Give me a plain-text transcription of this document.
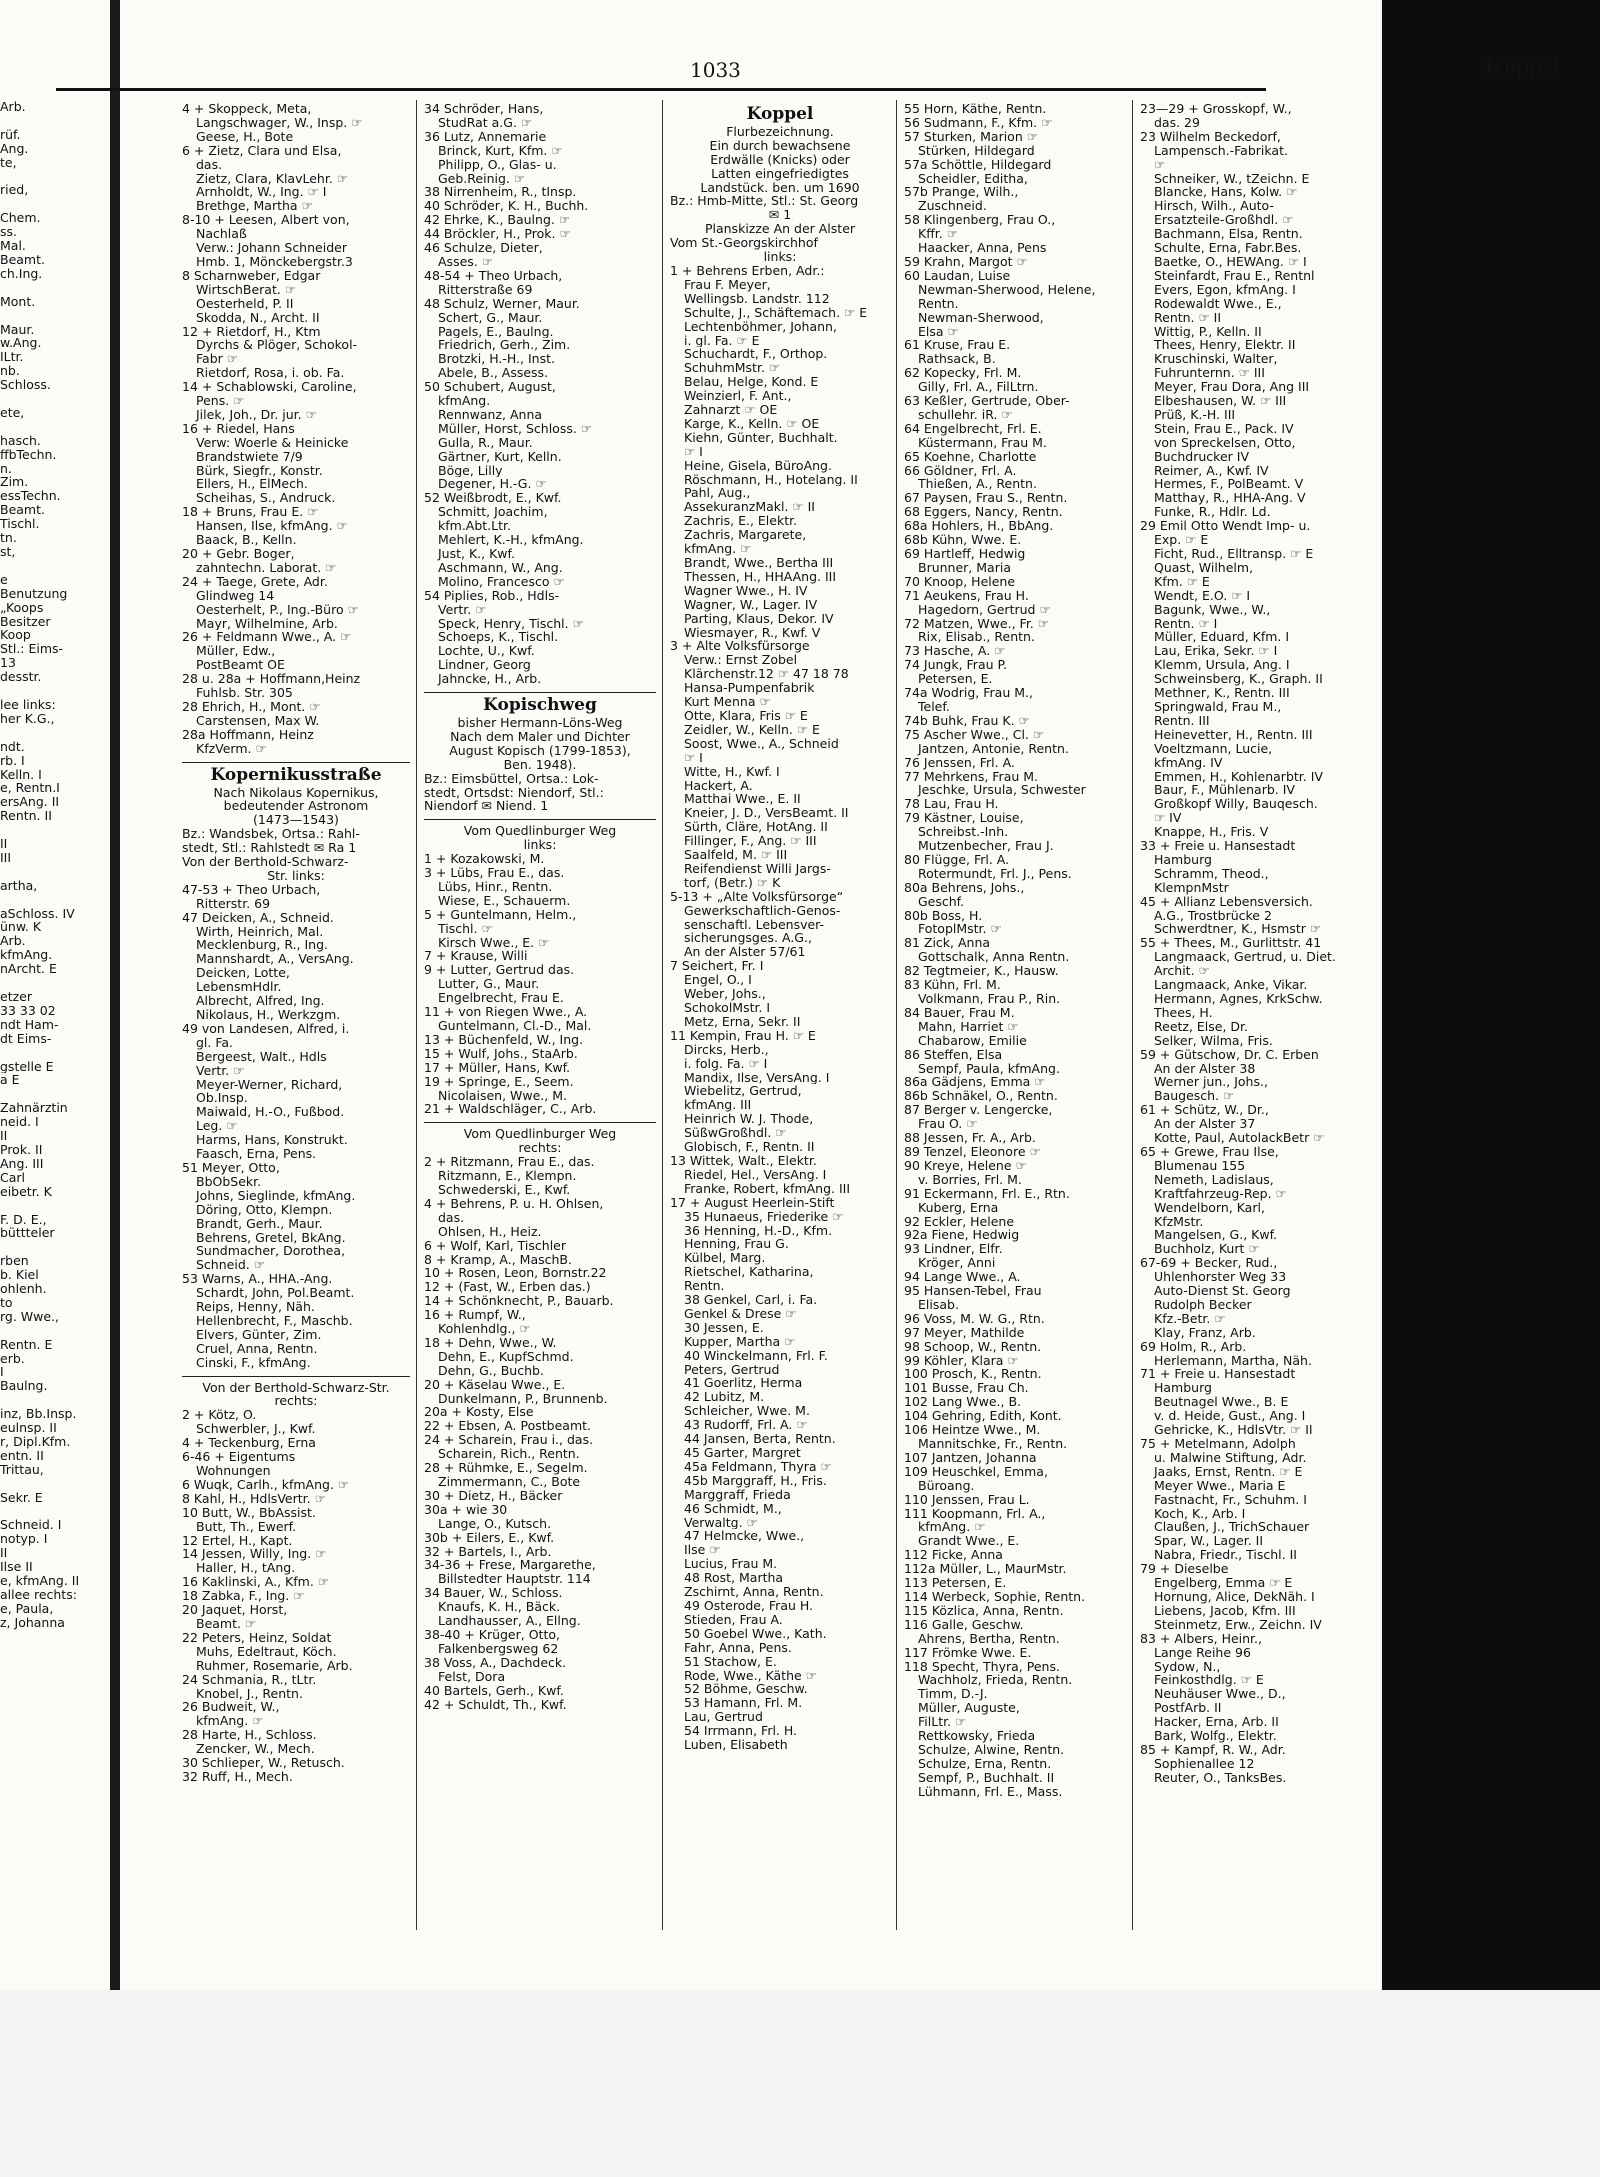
Arb.

rüf.
Ang.
te,

ried,

Chem.
ss.
Mal.
Beamt.
ch.Ing.

Mont.

Maur.
w.Ang.
ILtr.
nb.
Schloss.

ete,

hasch.
ffbTechn.
n.
Zim.
essTechn.
Beamt.
Tischl.
tn.
st,

e
Benutzung
„Koops
Besitzer
Koop
Stl.: Eims-
13
desstr.

lee links:
her K.G.,

ndt.
rb. I
Kelln. I
e, Rentn.I
ersAng. II
Rentn. II

II
III

artha,

aSchloss. IV
ünw. K
Arb.
kfmAng.
nArcht. E

etzer
33 33 02
ndt Ham-
dt Eims-

gstelle E
a E

Zahnärztin
neid. I
II
Prok. II
Ang. III
Carl
eibetr. K

F. D. E.,
büttteler

rben
b. Kiel
ohlenh.
to
rg. Wwe.,

Rentn. E
erb.
I
Baulng.

inz, Bb.Insp.
eulnsp. II
r, Dipl.Kfm.
entn. II
Trittau,

Sekr. E

Schneid. I
notyp. I
II
Ilse II
e, kfmAng. II
allee rechts:
e, Paula,
z, Johanna
1033	Koppel
4 + Skoppeck, Meta,
Langschwager, W., Insp. ☞
Geese, H., Bote
6 + Zietz, Clara und Elsa,
das.
Zietz, Clara, KlavLehr. ☞
Arnholdt, W., Ing. ☞ I
Brethge, Martha ☞
8-10 + Leesen, Albert von,
Nachlaß
Verw.: Johann Schneider
Hmb. 1, Mönckebergstr.3
8 Scharnweber, Edgar
WirtschBerat. ☞
Oesterheld, P. II
Skodda, N., Archt. II
12 + Rietdorf, H., Ktm
Dyrchs & Plöger, Schokol-
Fabr ☞
Rietdorf, Rosa, i. ob. Fa.
14 + Schablowski, Caroline,
Pens. ☞
Jilek, Joh., Dr. jur. ☞
16 + Riedel, Hans
Verw: Woerle & Heinicke
Brandstwiete 7/9
Bürk, Siegfr., Konstr.
Ellers, H., ElMech.
Scheihas, S., Andruck.
18 + Bruns, Frau E. ☞
Hansen, Ilse, kfmAng. ☞
Baack, B., Kelln.
20 + Gebr. Boger,
zahntechn. Laborat. ☞
24 + Taege, Grete, Adr.
Glindweg 14
Oesterhelt, P., Ing.-Büro ☞
Mayr, Wilhelmine, Arb.
26 + Feldmann Wwe., A. ☞
Müller, Edw.,
PostBeamt OE
28 u. 28a + Hoffmann,Heinz
Fuhlsb. Str. 305
28 Ehrich, H., Mont. ☞
Carstensen, Max W.
28a Hoffmann, Heinz
KfzVerm. ☞
Kopernikusstraße
Nach Nikolaus Kopernikus,
bedeutender Astronom
(1473—1543)
Bz.: Wandsbek, Ortsa.: Rahl-
stedt, Stl.: Rahlstedt ✉ Ra 1
Von der Berthold-Schwarz-
Str. links:
47-53 + Theo Urbach,
Ritterstr. 69
47 Deicken, A., Schneid.
Wirth, Heinrich, Mal.
Mecklenburg, R., Ing.
Mannshardt, A., VersAng.
Deicken, Lotte,
LebensmHdlr.
Albrecht, Alfred, Ing.
Nikolaus, H., Werkzgm.
49 von Landesen, Alfred, i.
gl. Fa.
Bergeest, Walt., Hdls
Vertr. ☞
Meyer-Werner, Richard,
Ob.Insp.
Maiwald, H.-O., Fußbod.
Leg. ☞
Harms, Hans, Konstrukt.
Faasch, Erna, Pens.
51 Meyer, Otto,
BbObSekr.
Johns, Sieglinde, kfmAng.
Döring, Otto, Klempn.
Brandt, Gerh., Maur.
Behrens, Gretel, BkAng.
Sundmacher, Dorothea,
Schneid. ☞
53 Warns, A., HHA.-Ang.
Schardt, John, Pol.Beamt.
Reips, Henny, Näh.
Hellenbrecht, F., Maschb.
Elvers, Günter, Zim.
Cruel, Anna, Rentn.
Cinski, F., kfmAng.
Von der Berthold-Schwarz-Str.
rechts:
2 + Kötz, O.
Schwerbler, J., Kwf.
4 + Teckenburg, Erna
6-46 + Eigentums
Wohnungen
6 Wuqk, Carlh., kfmAng. ☞
8 Kahl, H., HdlsVertr. ☞
10 Butt, W., BbAssist.
Butt, Th., Ewerf.
12 Ertel, H., Kapt.
14 Jessen, Willy, Ing. ☞
Haller, H., tAng.
16 Kaklinski, A., Kfm. ☞
18 Zabka, F., Ing. ☞
20 Jaquet, Horst,
Beamt. ☞
22 Peters, Heinz, Soldat
Muhs, Edeltraut, Köch.
Ruhmer, Rosemarie, Arb.
24 Schmania, R., tLtr.
Knobel, J., Rentn.
26 Budweit, W.,
kfmAng. ☞
28 Harte, H., Schloss.
Zencker, W., Mech.
30 Schlieper, W., Retusch.
32 Ruff, H., Mech.
34 Schröder, Hans,
StudRat a.G. ☞
36 Lutz, Annemarie
Brinck, Kurt, Kfm. ☞
Philipp, O., Glas- u.
Geb.Reinig. ☞
38 Nirrenheim, R., tInsp.
40 Schröder, K. H., Buchh.
42 Ehrke, K., Baulng. ☞
44 Bröckler, H., Prok. ☞
46 Schulze, Dieter,
Asses. ☞
48-54 + Theo Urbach,
Ritterstraße 69
48 Schulz, Werner, Maur.
Schert, G., Maur.
Pagels, E., Baulng.
Friedrich, Gerh., Zim.
Brotzki, H.-H., Inst.
Abele, B., Assess.
50 Schubert, August,
kfmAng.
Rennwanz, Anna
Müller, Horst, Schloss. ☞
Gulla, R., Maur.
Gärtner, Kurt, Kelln.
Böge, Lilly
Degener, H.-G. ☞
52 Weißbrodt, E., Kwf.
Schmitt, Joachim,
kfm.Abt.Ltr.
Mehlert, K.-H., kfmAng.
Just, K., Kwf.
Aschmann, W., Ang.
Molino, Francesco ☞
54 Piplies, Rob., Hdls-
Vertr. ☞
Speck, Henry, Tischl. ☞
Schoeps, K., Tischl.
Lochte, U., Kwf.
Lindner, Georg
Jahncke, H., Arb.
Kopischweg
bisher Hermann-Löns-Weg
Nach dem Maler und Dichter
August Kopisch (1799-1853),
Ben. 1948).
Bz.: Eimsbüttel, Ortsa.: Lok-
stedt, Ortsdst: Niendorf, Stl.:
Niendorf ✉ Niend. 1
Vom Quedlinburger Weg
links:
1 + Kozakowski, M.
3 + Lübs, Frau E., das.
Lübs, Hinr., Rentn.
Wiese, E., Schauerm.
5 + Guntelmann, Helm.,
Tischl. ☞
Kirsch Wwe., E. ☞
7 + Krause, Willi
9 + Lutter, Gertrud das.
Lutter, G., Maur.
Engelbrecht, Frau E.
11 + von Riegen Wwe., A.
Guntelmann, Cl.-D., Mal.
13 + Büchenfeld, W., Ing.
15 + Wulf, Johs., StaArb.
17 + Müller, Hans, Kwf.
19 + Springe, E., Seem.
Nicolaisen, Wwe., M.
21 + Waldschläger, C., Arb.
Vom Quedlinburger Weg
rechts:
2 + Ritzmann, Frau E., das.
Ritzmann, E., Klempn.
Schwederski, E., Kwf.
4 + Behrens, P. u. H. Ohlsen,
das.
Ohlsen, H., Heiz.
6 + Wolf, Karl, Tischler
8 + Kramp, A., MaschB.
10 + Rosen, Leon, Bornstr.22
12 + (Fast, W., Erben das.)
14 + Schönknecht, P., Bauarb.
16 + Rumpf, W.,
Kohlenhdlg., ☞
18 + Dehn, Wwe., W.
Dehn, E., KupfSchmd.
Dehn, G., Buchb.
20 + Käselau Wwe., E.
Dunkelmann, P., Brunnenb.
20a + Kosty, Else
22 + Ebsen, A. Postbeamt.
24 + Scharein, Frau i., das.
Scharein, Rich., Rentn.
28 + Rühmke, E., Segelm.
Zimmermann, C., Bote
30 + Dietz, H., Bäcker
30a + wie 30
Lange, O., Kutsch.
30b + Eilers, E., Kwf.
32 + Bartels, I., Arb.
34-36 + Frese, Margarethe,
Billstedter Hauptstr. 114
34 Bauer, W., Schloss.
Knaufs, K. H., Bäck.
Landhausser, A., Ellng.
38-40 + Krüger, Otto,
Falkenbergsweg 62
38 Voss, A., Dachdeck.
Felst, Dora
40 Bartels, Gerh., Kwf.
42 + Schuldt, Th., Kwf.
Koppel
Flurbezeichnung.
Ein durch bewachsene
Erdwälle (Knicks) oder
Latten eingefriedigtes
Landstück. ben. um 1690
Bz.: Hmb-Mitte, Stl.: St. Georg
✉ 1
Planskizze An der Alster
Vom St.-Georgskirchhof
links:
1 + Behrens Erben, Adr.:
Frau F. Meyer,
Wellingsb. Landstr. 112
Schulte, J., Schäftemach. ☞ E
Lechtenböhmer, Johann,
i. gl. Fa. ☞ E
Schuchardt, F., Orthop.
SchuhmMstr. ☞
Belau, Helge, Kond. E
Weinzierl, F. Ant.,
Zahnarzt ☞ OE
Karge, K., Kelln. ☞ OE
Kiehn, Günter, Buchhalt.
☞ I
Heine, Gisela, BüroAng.
Röschmann, H., Hotelang. II
Pahl, Aug.,
AssekuranzMakl. ☞ II
Zachris, E., Elektr.
Zachris, Margarete,
kfmAng. ☞
Brandt, Wwe., Bertha III
Thessen, H., HHAAng. III
Wagner Wwe., H. IV
Wagner, W., Lager. IV
Parting, Klaus, Dekor. IV
Wiesmayer, R., Kwf. V
3 + Alte Volksfürsorge
Verw.: Ernst Zobel
Klärchenstr.12 ☞ 47 18 78
Hansa-Pumpenfabrik
Kurt Menna ☞
Otte, Klara, Fris ☞ E
Zeidler, W., Kelln. ☞ E
Soost, Wwe., A., Schneid
☞ I
Witte, H., Kwf. I
Hackert, A.
Matthai Wwe., E. II
Kneier, J. D., VersBeamt. II
Sürth, Cläre, HotAng. II
Fillinger, F., Ang. ☞ III
Saalfeld, M. ☞ III
Reifendienst Willi Jargs-
torf, (Betr.) ☞ K
5-13 + „Alte Volksfürsorge“
Gewerkschaftlich-Genos-
senschaftl. Lebensver-
sicherungsges. A.G.,
An der Alster 57/61
7 Seichert, Fr. I
Engel, O., I
Weber, Johs.,
SchokolMstr. I
Metz, Erna, Sekr. II
11 Kempin, Frau H. ☞ E
Dircks, Herb.,
i. folg. Fa. ☞ I
Mandix, Ilse, VersAng. I
Wiebelitz, Gertrud,
kfmAng. III
Heinrich W. J. Thode,
SüßwGroßhdl. ☞
Globisch, F., Rentn. II
13 Wittek, Walt., Elektr.
Riedel, Hel., VersAng. I
Franke, Robert, kfmAng. III
17 + August Heerlein-Stift
35 Hunaeus, Friederike ☞
36 Henning, H.-D., Kfm.
Henning, Frau G.
Külbel, Marg.
Rietschel, Katharina,
Rentn.
38 Genkel, Carl, i. Fa.
Genkel & Drese ☞
30 Jessen, E.
Kupper, Martha ☞
40 Winckelmann, Frl. F.
Peters, Gertrud
41 Goerlitz, Herma
42 Lubitz, M.
Schleicher, Wwe. M.
43 Rudorff, Frl. A. ☞
44 Jansen, Berta, Rentn.
45 Garter, Margret
45a Feldmann, Thyra ☞
45b Marggraff, H., Fris.
Marggraff, Frieda
46 Schmidt, M.,
Verwaltg. ☞
47 Helmcke, Wwe.,
Ilse ☞
Lucius, Frau M.
48 Rost, Martha
Zschirnt, Anna, Rentn.
49 Osterode, Frau H.
Stieden, Frau A.
50 Goebel Wwe., Kath.
Fahr, Anna, Pens.
51 Stachow, E.
Rode, Wwe., Käthe ☞
52 Böhme, Geschw.
53 Hamann, Frl. M.
Lau, Gertrud
54 Irrmann, Frl. H.
Luben, Elisabeth
55 Horn, Käthe, Rentn.
56 Sudmann, F., Kfm. ☞
57 Sturken, Marion ☞
Stürken, Hildegard
57a Schöttle, Hildegard
Scheidler, Editha,
57b Prange, Wilh.,
Zuschneid.
58 Klingenberg, Frau O.,
Kffr. ☞
Haacker, Anna, Pens
59 Krahn, Margot ☞
60 Laudan, Luise
Newman-Sherwood, Helene,
Rentn.
Newman-Sherwood,
Elsa ☞
61 Kruse, Frau E.
Rathsack, B.
62 Kopecky, Frl. M.
Gilly, Frl. A., FilLtrn.
63 Keßler, Gertrude, Ober-
schullehr. iR. ☞
64 Engelbrecht, Frl. E.
Küstermann, Frau M.
65 Koehne, Charlotte
66 Göldner, Frl. A.
Thießen, A., Rentn.
67 Paysen, Frau S., Rentn.
68 Eggers, Nancy, Rentn.
68a Hohlers, H., BbAng.
68b Kühn, Wwe. E.
69 Hartleff, Hedwig
Brunner, Maria
70 Knoop, Helene
71 Aeukens, Frau H.
Hagedorn, Gertrud ☞
72 Matzen, Wwe., Fr. ☞
Rix, Elisab., Rentn.
73 Hasche, A. ☞
74 Jungk, Frau P.
Petersen, E.
74a Wodrig, Frau M.,
Telef.
74b Buhk, Frau K. ☞
75 Ascher Wwe., Cl. ☞
Jantzen, Antonie, Rentn.
76 Jenssen, Frl. A.
77 Mehrkens, Frau M.
Jeschke, Ursula, Schwester
78 Lau, Frau H.
79 Kästner, Louise,
Schreibst.-Inh.
Mutzenbecher, Frau J.
80 Flügge, Frl. A.
Rotermundt, Frl. J., Pens.
80a Behrens, Johs.,
Geschf.
80b Boss, H.
FotoplMstr. ☞
81 Zick, Anna
Gottschalk, Anna Rentn.
82 Tegtmeier, K., Hausw.
83 Kühn, Frl. M.
Volkmann, Frau P., Rin.
84 Bauer, Frau M.
Mahn, Harriet ☞
Chabarow, Emilie
86 Steffen, Elsa
Sempf, Paula, kfmAng.
86a Gädjens, Emma ☞
86b Schnäkel, O., Rentn.
87 Berger v. Lengercke,
Frau O. ☞
88 Jessen, Fr. A., Arb.
89 Tenzel, Eleonore ☞
90 Kreye, Helene ☞
v. Borries, Frl. M.
91 Eckermann, Frl. E., Rtn.
Kuberg, Erna
92 Eckler, Helene
92a Fiene, Hedwig
93 Lindner, Elfr.
Kröger, Anni
94 Lange Wwe., A.
95 Hansen-Tebel, Frau
Elisab.
96 Voss, M. W. G., Rtn.
97 Meyer, Mathilde
98 Schoop, W., Rentn.
99 Köhler, Klara ☞
100 Prosch, K., Rentn.
101 Busse, Frau Ch.
102 Lang Wwe., B.
104 Gehring, Edith, Kont.
106 Heintze Wwe., M.
Mannitschke, Fr., Rentn.
107 Jantzen, Johanna
109 Heuschkel, Emma,
Büroang.
110 Jenssen, Frau L.
111 Koopmann, Frl. A.,
kfmAng. ☞
Grandt Wwe., E.
112 Ficke, Anna
112a Müller, L., MaurMstr.
113 Petersen, E.
114 Werbeck, Sophie, Rentn.
115 Közlica, Anna, Rentn.
116 Galle, Geschw.
Ahrens, Bertha, Rentn.
117 Frömke Wwe. E.
118 Specht, Thyra, Pens.
Wachholz, Frieda, Rentn.
Timm, D.-J.
Müller, Auguste,
FilLtr. ☞
Rettkowsky, Frieda
Schulze, Alwine, Rentn.
Schulze, Erna, Rentn.
Sempf, P., Buchhalt. II
Lühmann, Frl. E., Mass.
23—29 + Grosskopf, W.,
das. 29
23 Wilhelm Beckedorf,
Lampensch.-Fabrikat.
☞
Schneiker, W., tZeichn. E
Blancke, Hans, Kolw. ☞
Hirsch, Wilh., Auto-
Ersatzteile-Großhdl. ☞
Bachmann, Elsa, Rentn.
Schulte, Erna, Fabr.Bes.
Baetke, O., HEWAng. ☞ I
Steinfardt, Frau E., Rentnl
Evers, Egon, kfmAng. I
Rodewaldt Wwe., E.,
Rentn. ☞ II
Wittig, P., Kelln. II
Thees, Henry, Elektr. II
Kruschinski, Walter,
Fuhrunternn. ☞ III
Meyer, Frau Dora, Ang III
Elbeshausen, W. ☞ III
Prüß, K.-H. III
Stein, Frau E., Pack. IV
von Spreckelsen, Otto,
Buchdrucker IV
Reimer, A., Kwf. IV
Hermes, F., PolBeamt. V
Matthay, R., HHA-Ang. V
Funke, R., Hdlr. Ld.
29 Emil Otto Wendt Imp- u.
Exp. ☞ E
Ficht, Rud., Elltransp. ☞ E
Quast, Wilhelm,
Kfm. ☞ E
Wendt, E.O. ☞ I
Bagunk, Wwe., W.,
Rentn. ☞ I
Müller, Eduard, Kfm. I
Lau, Erika, Sekr. ☞ I
Klemm, Ursula, Ang. I
Schweinsberg, K., Graph. II
Methner, K., Rentn. III
Springwald, Frau M.,
Rentn. III
Heinevetter, H., Rentn. III
Voeltzmann, Lucie,
kfmAng. IV
Emmen, H., Kohlenarbtr. IV
Baur, F., Mühlenarb. IV
Großkopf Willy, Bauqesch.
☞ IV
Knappe, H., Fris. V
33 + Freie u. Hansestadt
Hamburg
Schramm, Theod.,
KlempnMstr
45 + Allianz Lebensversich.
A.G., Trostbrücke 2
Schwerdtner, K., Hsmstr ☞
55 + Thees, M., Gurlittstr. 41
Langmaack, Gertrud, u. Diet.
Archit. ☞
Langmaack, Anke, Vikar.
Hermann, Agnes, KrkSchw.
Thees, H.
Reetz, Else, Dr.
Selker, Wilma, Fris.
59 + Gütschow, Dr. C. Erben
An der Alster 38
Werner jun., Johs.,
Baugesch. ☞
61 + Schütz, W., Dr.,
An der Alster 37
Kotte, Paul, AutolackBetr ☞
65 + Grewe, Frau Ilse,
Blumenau 155
Nemeth, Ladislaus,
Kraftfahrzeug-Rep. ☞
Wendelborn, Karl,
KfzMstr.
Mangelsen, G., Kwf.
Buchholz, Kurt ☞
67-69 + Becker, Rud.,
Uhlenhorster Weg 33
Auto-Dienst St. Georg
Rudolph Becker
Kfz.-Betr. ☞
Klay, Franz, Arb.
69 Holm, R., Arb.
Herlemann, Martha, Näh.
71 + Freie u. Hansestadt
Hamburg
Beutnagel Wwe., B. E
v. d. Heide, Gust., Ang. I
Gehricke, K., HdlsVtr. ☞ II
75 + Metelmann, Adolph
u. Malwine Stiftung, Adr.
Jaaks, Ernst, Rentn. ☞ E
Meyer Wwe., Maria E
Fastnacht, Fr., Schuhm. I
Koch, K., Arb. I
Claußen, J., TrichSchauer
Spar, W., Lager. II
Nabra, Friedr., Tischl. II
79 + Dieselbe
Engelberg, Emma ☞ E
Hornung, Alice, DekNäh. I
Liebens, Jacob, Kfm. III
Steinmetz, Erw., Zeichn. IV
83 + Albers, Heinr.,
Lange Reihe 96
Sydow, N.,
Feinkosthdlg. ☞ E
Neuhäuser Wwe., D.,
PostfArb. II
Hacker, Erna, Arb. II
Bark, Wolfg., Elektr.
85 + Kampf, R. W., Adr.
Sophienallee 12
Reuter, O., TanksBes.
